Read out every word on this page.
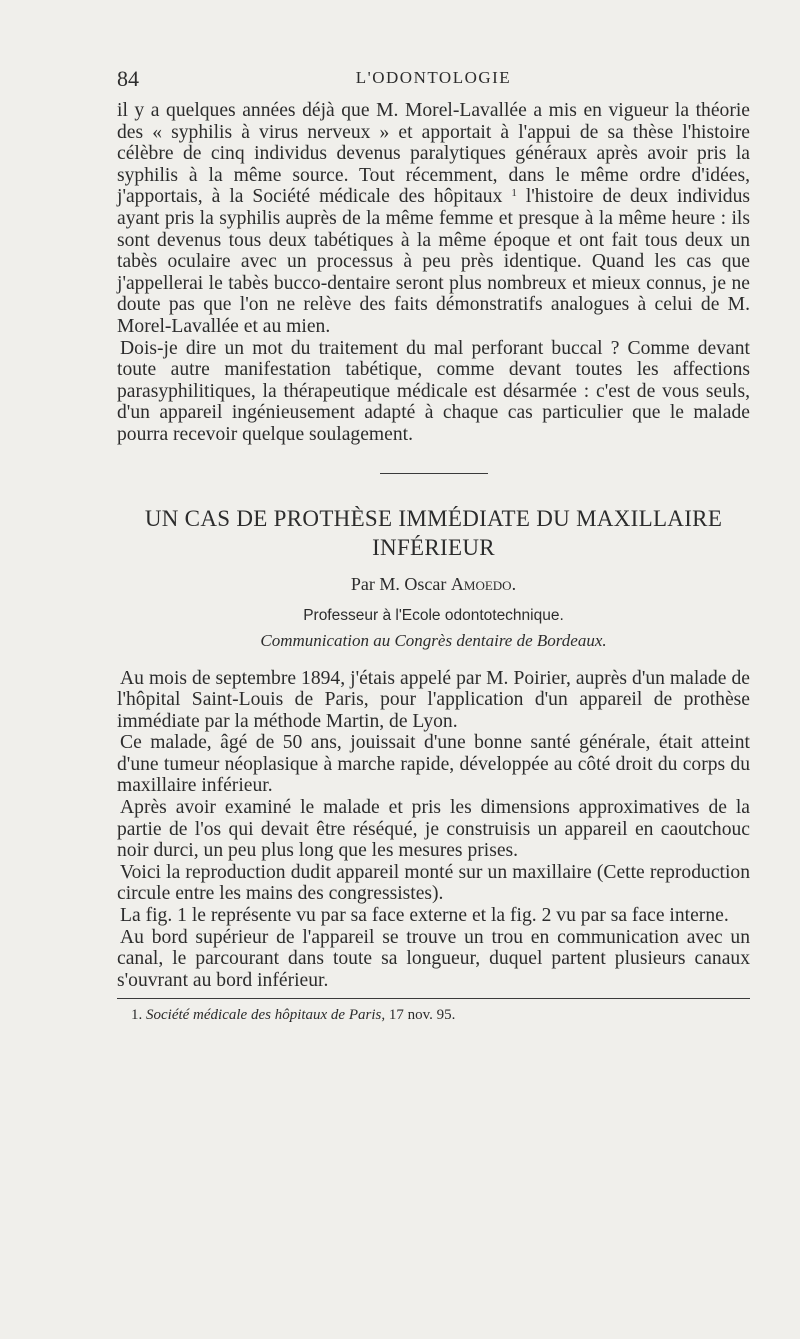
84	L'ODONTOLOGIE

il y a quelques années déjà que M. Morel-Lavallée a mis en vigueur la théorie des « syphilis à virus nerveux » et apportait à l'appui de sa thèse l'histoire célèbre de cinq individus devenus paralytiques généraux après avoir pris la syphilis à la même source. Tout récemment, dans le même ordre d'idées, j'apportais, à la Société médicale des hôpitaux $^1$ l'histoire de deux individus ayant pris la syphilis auprès de la même femme et presque à la même heure : ils sont devenus tous deux tabétiques à la même époque et ont fait tous deux un tabès oculaire avec un processus à peu près identique. Quand les cas que j'appellerai le tabès bucco-dentaire seront plus nombreux et mieux connus, je ne doute pas que l'on ne relève des faits démonstratifs analogues à celui de M. Morel-Lavallée et au mien.

Dois-je dire un mot du traitement du mal perforant buccal ? Comme devant toute autre manifestation tabétique, comme devant toutes les affections parasyphilitiques, la thérapeutique médicale est désarmée : c'est de vous seuls, d'un appareil ingénieusement adapté à chaque cas particulier que le malade pourra recevoir quelque soulagement.

UN CAS DE PROTHÈSE IMMÉDIATE DU MAXILLAIRE INFÉRIEUR
Par M. Oscar Amoedo.
Professeur à l'Ecole odontotechnique.
Communication au Congrès dentaire de Bordeaux.

Au mois de septembre 1894, j'étais appelé par M. Poirier, auprès d'un malade de l'hôpital Saint-Louis de Paris, pour l'application d'un appareil de prothèse immédiate par la méthode Martin, de Lyon.

Ce malade, âgé de 50 ans, jouissait d'une bonne santé générale, était atteint d'une tumeur néoplasique à marche rapide, développée au côté droit du corps du maxillaire inférieur.

Après avoir examiné le malade et pris les dimensions approximatives de la partie de l'os qui devait être réséqué, je construisis un appareil en caoutchouc noir durci, un peu plus long que les mesures prises.

Voici la reproduction dudit appareil monté sur un maxillaire (Cette reproduction circule entre les mains des congressistes).

La fig. 1 le représente vu par sa face externe et la fig. 2 vu par sa face interne.

Au bord supérieur de l'appareil se trouve un trou en communication avec un canal, le parcourant dans toute sa longueur, duquel partent plusieurs canaux s'ouvrant au bord inférieur.

1. Société médicale des hôpitaux de Paris, 17 nov. 95.
